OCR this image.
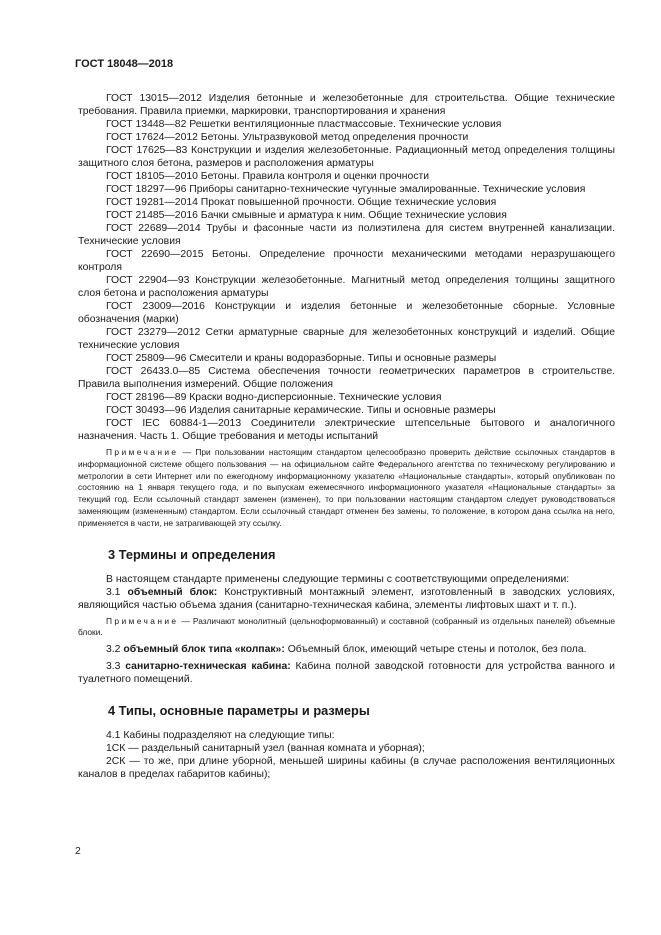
ГОСТ 18048—2018

ГОСТ 13015—2012 Изделия бетонные и железобетонные для строительства. Общие технические требования. Правила приемки, маркировки, транспортирования и хранения

ГОСТ 13448—82 Решетки вентиляционные пластмассовые. Технические условия

ГОСТ 17624—2012 Бетоны. Ультразвуковой метод определения прочности

ГОСТ 17625—83 Конструкции и изделия железобетонные. Радиационный метод определения толщины защитного слоя бетона, размеров и расположения арматуры

ГОСТ 18105—2010 Бетоны. Правила контроля и оценки прочности

ГОСТ 18297—96 Приборы санитарно-технические чугунные эмалированные. Технические условия

ГОСТ 19281—2014 Прокат повышенной прочности. Общие технические условия

ГОСТ 21485—2016 Бачки смывные и арматура к ним. Общие технические условия

ГОСТ 22689—2014 Трубы и фасонные части из полиэтилена для систем внутренней канализации. Технические условия

ГОСТ 22690—2015 Бетоны. Определение прочности механическими методами неразрушающего контроля

ГОСТ 22904—93 Конструкции железобетонные. Магнитный метод определения толщины защитного слоя бетона и расположения арматуры

ГОСТ 23009—2016 Конструкции и изделия бетонные и железобетонные сборные. Условные обозначения (марки)

ГОСТ 23279—2012 Сетки арматурные сварные для железобетонных конструкций и изделий. Общие технические условия

ГОСТ 25809—96 Смесители и краны водоразборные. Типы и основные размеры

ГОСТ 26433.0—85 Система обеспечения точности геометрических параметров в строительстве. Правила выполнения измерений. Общие положения

ГОСТ 28196—89 Краски водно-дисперсионные. Технические условия

ГОСТ 30493—96 Изделия санитарные керамические. Типы и основные размеры

ГОСТ IEC 60884-1—2013 Соединители электрические штепсельные бытового и аналогичного назначения. Часть 1. Общие требования и методы испытаний

Примечание — При пользовании настоящим стандартом целесообразно проверить действие ссылочных стандартов в информационной системе общего пользования — на официальном сайте Федерального агентства по техническому регулированию и метрологии в сети Интернет или по ежегодному информационному указателю «Национальные стандарты», который опубликован по состоянию на 1 января текущего года, и по выпускам ежемесячного информационного указателя «Национальные стандарты» за текущий год. Если ссылочный стандарт заменен (изменен), то при пользовании настоящим стандартом следует руководствоваться заменяющим (измененным) стандартом. Если ссылочный стандарт отменен без замены, то положение, в котором дана ссылка на него, применяется в части, не затрагивающей эту ссылку.
3 Термины и определения

В настоящем стандарте применены следующие термины с соответствующими определениями:

3.1 объемный блок: Конструктивный монтажный элемент, изготовленный в заводских условиях, являющийся частью объема здания (санитарно-техническая кабина, элементы лифтовых шахт и т. п.).

Примечание — Различают монолитный (цельноформованный) и составной (собранный из отдельных панелей) объемные блоки.

3.2 объемный блок типа «колпак»: Объемный блок, имеющий четыре стены и потолок, без пола.

3.3 санитарно-техническая кабина: Кабина полной заводской готовности для устройства ванного и туалетного помещений.

4 Типы, основные параметры и размеры

4.1 Кабины подразделяют на следующие типы:

1СК — раздельный санитарный узел (ванная комната и уборная);

2СК — то же, при длине уборной, меньшей ширины кабины (в случае расположения вентиляционных каналов в пределах габаритов кабины);

2
